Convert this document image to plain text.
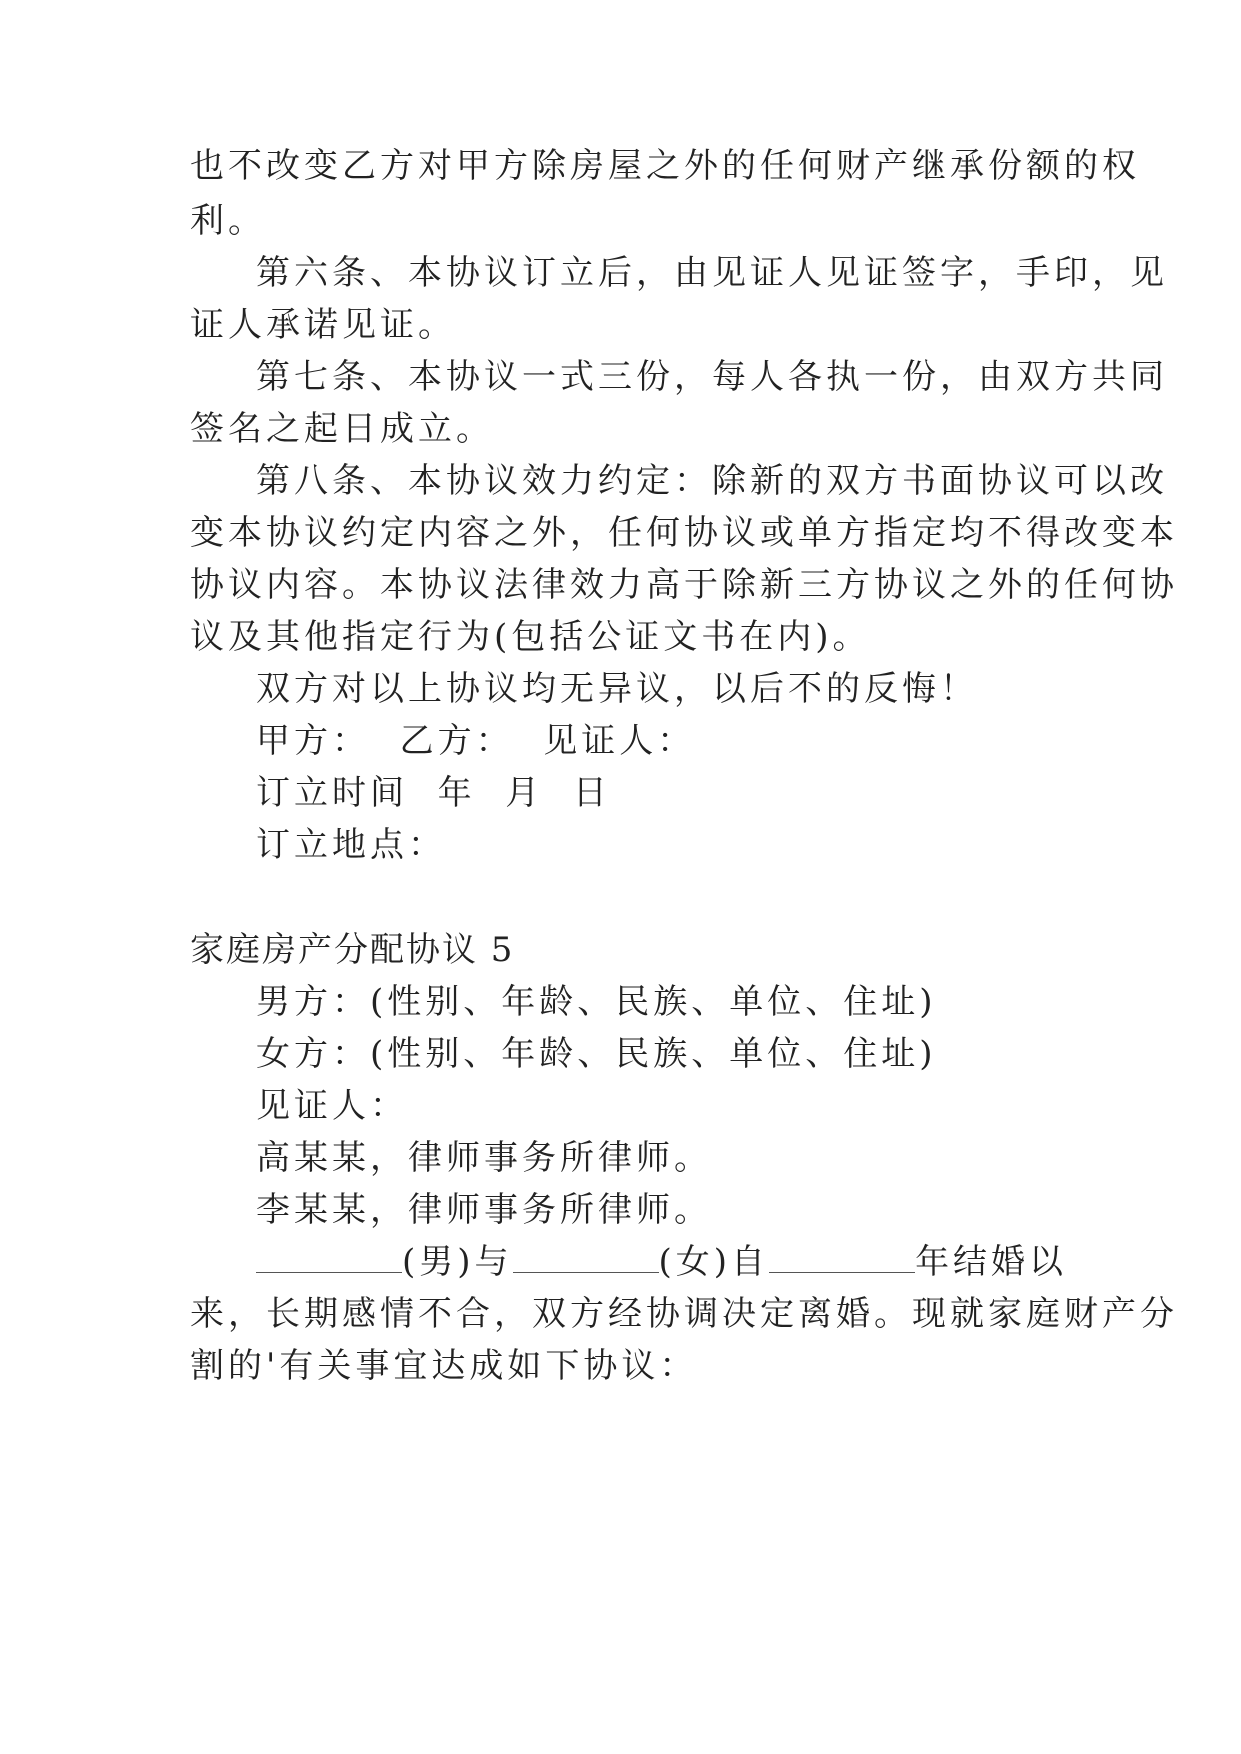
也不改变乙方对甲方除房屋之外的任何财产继承份额的权

利。

第六条、本协议订立后，由见证人见证签字，手印，见

证人承诺见证。

第七条、本协议一式三份，每人各执一份，由双方共同

签名之起日成立。

第八条、本协议效力约定：除新的双方书面协议可以改

变本协议约定内容之外，任何协议或单方指定均不得改变本

协议内容。本协议法律效力高于除新三方协议之外的任何协

议及其他指定行为(包括公证文书在内)。

双方对以上协议均无异议，以后不的反悔！

甲方：  乙方：  见证人：

订立时间  年  月  日

订立地点：

家庭房产分配协议 5

男方：(性别、年龄、民族、单位、住址)

女方：(性别、年龄、民族、单位、住址)

见证人：

高某某，律师事务所律师。

李某某，律师事务所律师。

(男)与	(女)自	年结婚以

来，长期感情不合，双方经协调决定离婚。现就家庭财产分

割的'有关事宜达成如下协议：
